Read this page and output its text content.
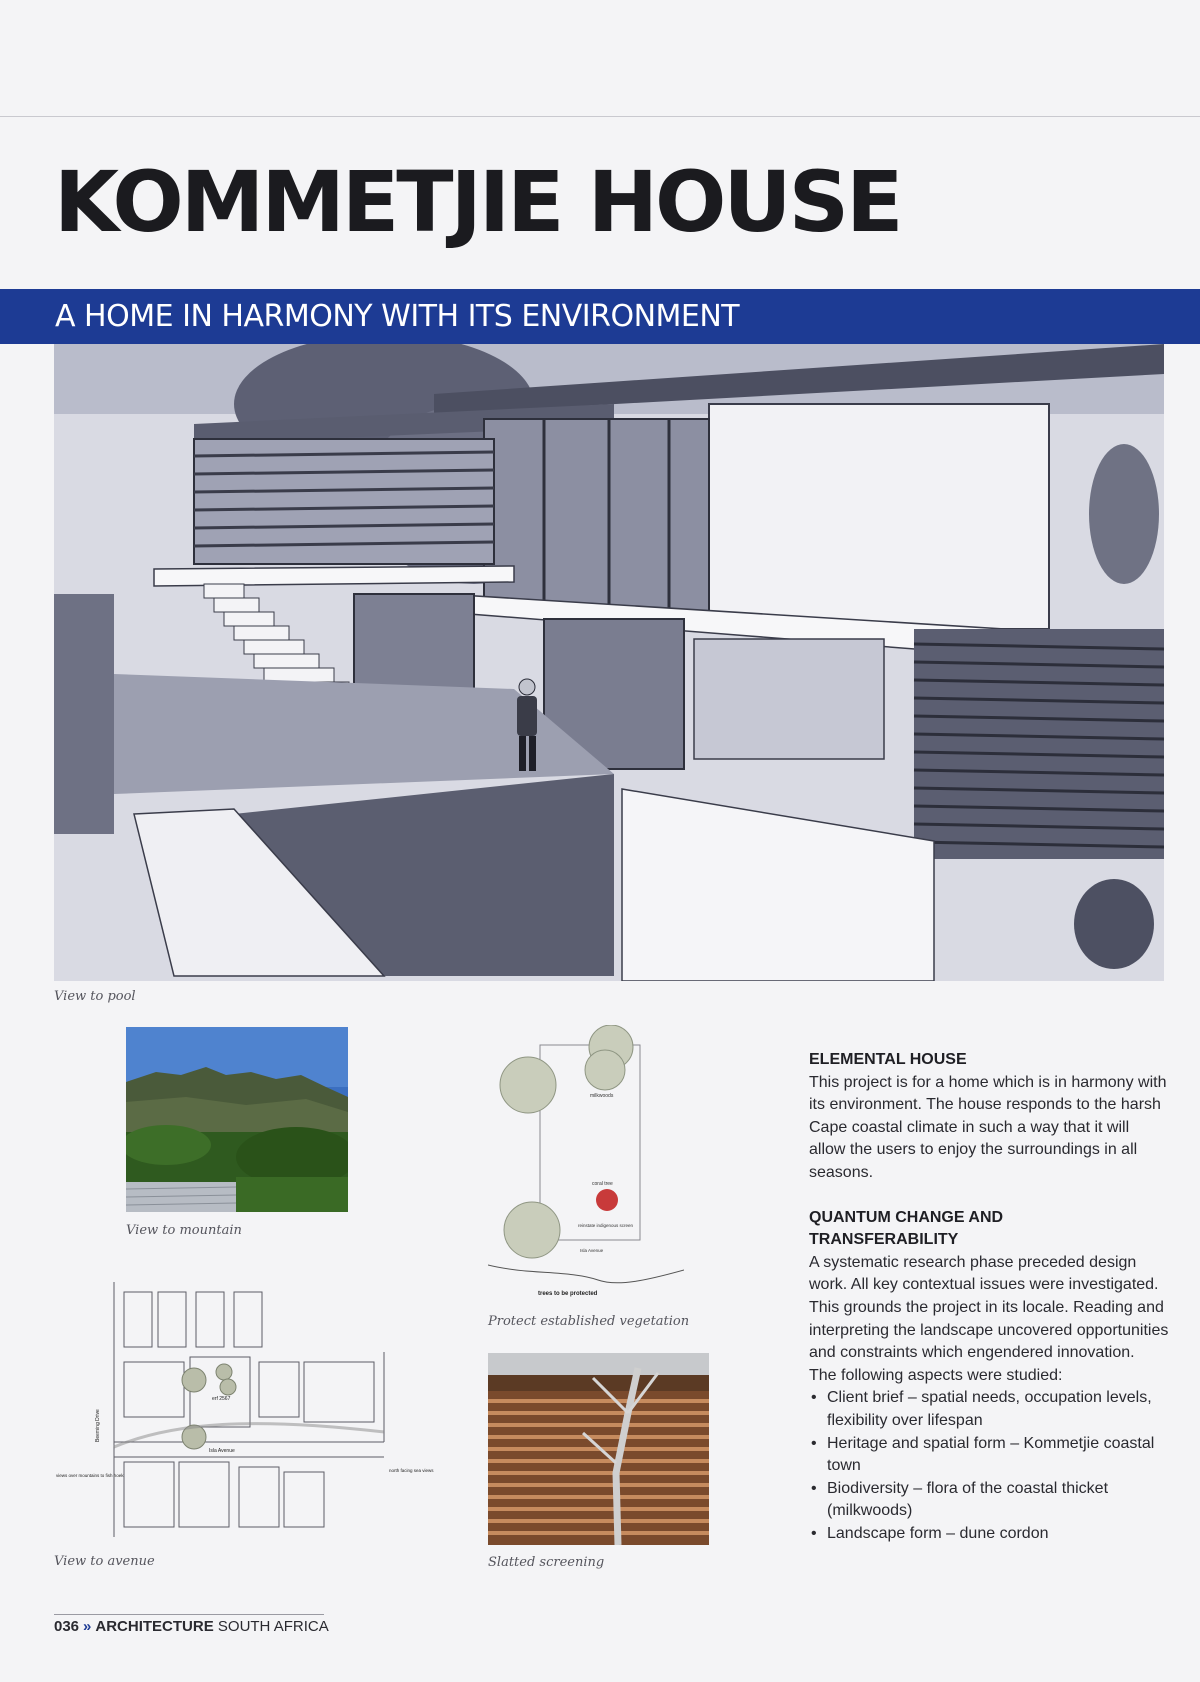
KOMMETJIE HOUSE
A HOME IN HARMONY WITH ITS ENVIRONMENT
View to pool
View to mountain
milkwoods
coral tree
reinstate indigenous screen
Isla Avenue
trees to be protected
Protect established vegetation
erf 2567
Isla Avenue
Beeming Drive
views over mountains to fish hoek
north facing sea views
View to avenue	Slatted screening
ELEMENTAL HOUSE

This project is for a home which is in harmony with its environment. The house responds to the harsh Cape coastal climate in such a way that it will allow the users to enjoy the surroundings in all seasons.

QUANTUM CHANGE AND
TRANSFERABILITY

A systematic research phase preceded design work. All key contextual issues were investigated. This grounds the project in its locale. Reading and interpreting the landscape uncovered opportunities and constraints which engendered innovation.

The following aspects were studied:

• Client brief – spatial needs, occupation levels, flexibility over lifespan
• Heritage and spatial form – Kommetjie coastal town
• Biodiversity – flora of the coastal thicket (milkwoods)
• Landscape form – dune cordon
036 » ARCHITECTURE SOUTH AFRICA
